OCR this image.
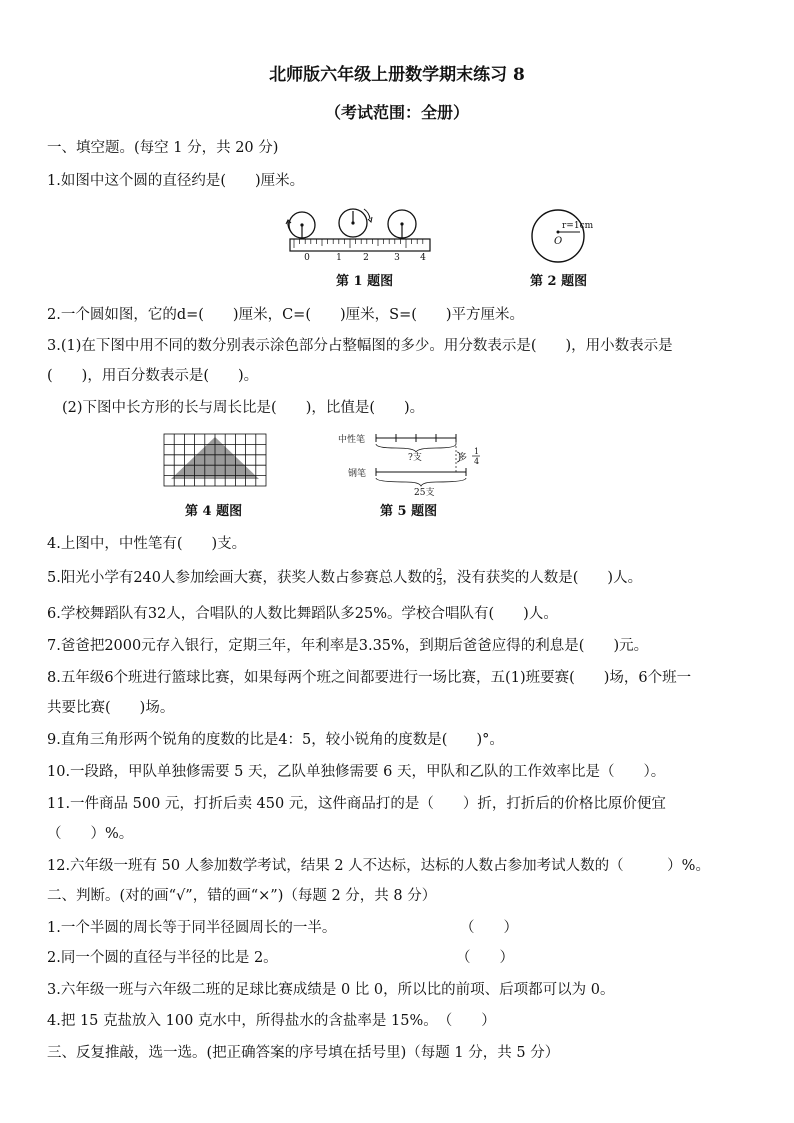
北师版六年级上册数学期末练习 8
（考试范围：全册）
一、填空题。(每空 1 分，共 20 分)
1.如图中这个圆的直径约是(　　)厘米。
0	1 2	3 4
第 1 题图
r=1cm
O
第 2 题图
2.一个圆如图，它的d=(　　)厘米，C=(　　)厘米，S=(　　)平方厘米。
3.(1)在下图中用不同的数分别表示涂色部分占整幅图的多少。用分数表示是(　　)，用小数表示是
(　　)，用百分数表示是(　　)。
(2)下图中长方形的长与周长比是(　　)，比值是(　　)。
第 4 题图
中性笔
?支	多
1
4
钢笔
25支
第 5 题图
4.上图中，中性笔有(　　)支。
5.阳光小学有240人参加绘画大赛，获奖人数占参赛总人数的 $\frac{2}{3}$ ，没有获奖的人数是(　　)人。
6.学校舞蹈队有32人，合唱队的人数比舞蹈队多25%。学校合唱队有(　　)人。
7.爸爸把2000元存入银行，定期三年，年利率是3.35%，到期后爸爸应得的利息是(　　)元。
8.五年级6个班进行篮球比赛，如果每两个班之间都要进行一场比赛，五(1)班要赛(　　)场，6个班一
共要比赛(　　)场。
9.直角三角形两个锐角的度数的比是4：5，较小锐角的度数是(　　)°。
10.一段路，甲队单独修需要 5 天，乙队单独修需要 6 天，甲队和乙队的工作效率比是（　　）。
11.一件商品 500 元，打折后卖 450 元，这件商品打的是（　　）折，打折后的价格比原价便宜
（　　）%。
12.六年级一班有 50 人参加数学考试，结果 2 人不达标，达标的人数占参加考试人数的（　　　）%。
二、判断。(对的画“√”，错的画“×”)（每题 2 分，共 8 分）
1.一个半圆的周长等于同半径圆周长的一半。	（　　）
2.同一个圆的直径与半径的比是 2。	（　　）
3.六年级一班与六年级二班的足球比赛成绩是 0 比 0，所以比的前项、后项都可以为 0。
4.把 15 克盐放入 100 克水中，所得盐水的含盐率是 15%。　（　　）
三、反复推敲，选一选。(把正确答案的序号填在括号里)（每题 1 分，共 5 分）
